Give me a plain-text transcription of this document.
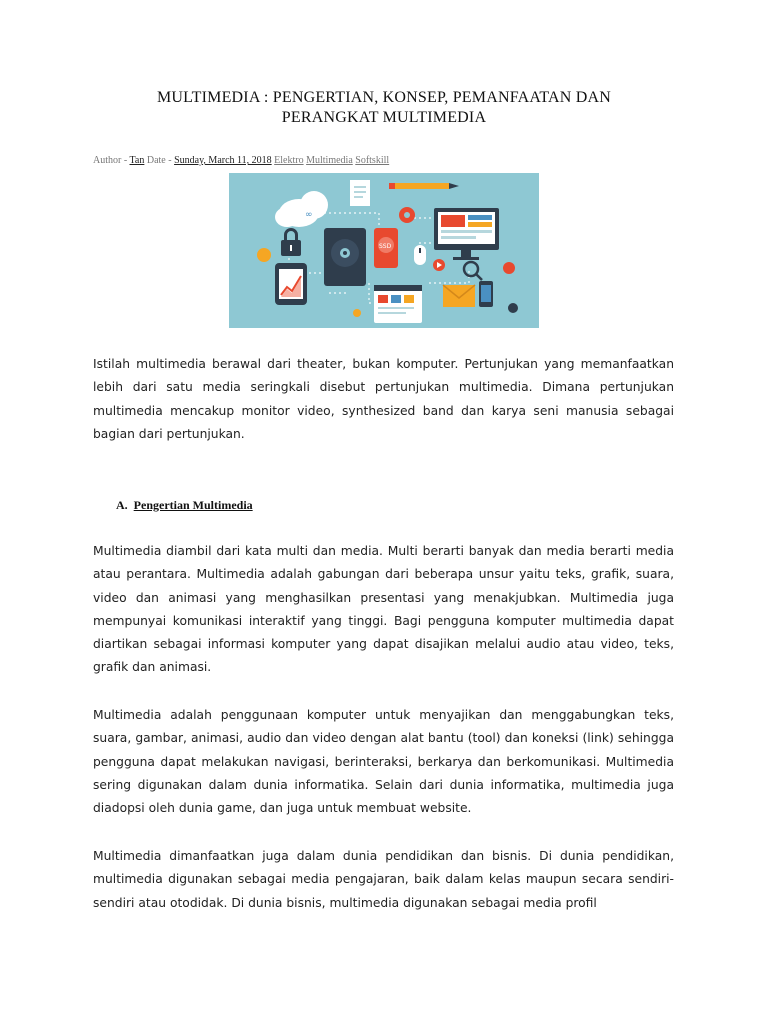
MULTIMEDIA : PENGERTIAN, KONSEP, PEMANFAATAN DAN
PERANGKAT MULTIMEDIA
Author - Tan Date - Sunday, March 11, 2018 Elektro Multimedia Softskill
∞
SSD

Istilah multimedia berawal dari theater, bukan komputer. Pertunjukan yang memanfaatkan lebih dari satu media seringkali disebut pertunjukan multimedia. Dimana pertunjukan multimedia mencakup monitor video, synthesized band dan karya seni manusia sebagai bagian dari pertunjukan.

A. Pengertian Multimedia

Multimedia diambil dari kata multi dan media. Multi berarti banyak dan media berarti media atau perantara. Multimedia adalah gabungan dari beberapa unsur yaitu teks, grafik, suara, video dan animasi yang menghasilkan presentasi yang menakjubkan. Multimedia juga mempunyai komunikasi interaktif yang tinggi. Bagi pengguna komputer multimedia dapat diartikan sebagai informasi komputer yang dapat disajikan melalui audio atau video, teks, grafik dan animasi.

Multimedia adalah penggunaan komputer untuk menyajikan dan menggabungkan teks, suara, gambar, animasi, audio dan video dengan alat bantu (tool) dan koneksi (link) sehingga pengguna dapat melakukan navigasi, berinteraksi, berkarya dan berkomunikasi. Multimedia sering digunakan dalam dunia informatika. Selain dari dunia informatika, multimedia juga diadopsi oleh dunia game, dan juga untuk membuat website.

Multimedia dimanfaatkan juga dalam dunia pendidikan dan bisnis. Di dunia pendidikan, multimedia digunakan sebagai media pengajaran, baik dalam kelas maupun secara sendiri-sendiri atau otodidak. Di dunia bisnis, multimedia digunakan sebagai media profil
